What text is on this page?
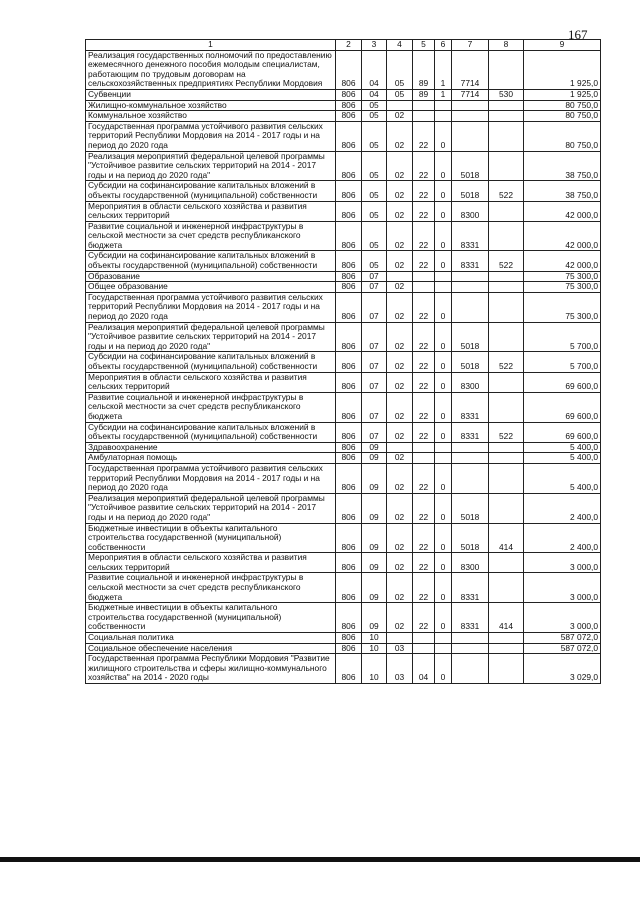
167
1	2	3	4	5	6	7	8	9
Реализация государственных полномочий по предоставлению ежемесячного денежного пособия молодым специалистам, работающим по трудовым договорам на сельскохозяйственных предприятиях Республики Мордовия	806	04	05	89	1	7714		1 925,0
Субвенции	806	04	05	89	1	7714	530	1 925,0
Жилищно-коммунальное хозяйство	806	05						80 750,0
Коммунальное хозяйство	806	05	02					80 750,0
Государственная программа устойчивого развития сельских территорий Республики Мордовия на 2014 - 2017 годы и на период до 2020 года	806	05	02	22	0			80 750,0
Реализация мероприятий федеральной целевой программы "Устойчивое развитие сельских территорий на 2014 - 2017 годы и на период до 2020 года"	806	05	02	22	0	5018		38 750,0
Субсидии на софинансирование капитальных вложений в объекты государственной (муниципальной) собственности	806	05	02	22	0	5018	522	38 750,0
Мероприятия в области сельского хозяйства и развития сельских территорий	806	05	02	22	0	8300		42 000,0
Развитие социальной и инженерной инфраструктуры в сельской местности за счет средств республиканского бюджета	806	05	02	22	0	8331		42 000,0
Субсидии на софинансирование капитальных вложений в объекты государственной (муниципальной) собственности	806	05	02	22	0	8331	522	42 000,0
Образование	806	07						75 300,0
Общее образование	806	07	02					75 300,0
Государственная программа устойчивого развития сельских территорий Республики Мордовия на 2014 - 2017 годы и на период до 2020 года	806	07	02	22	0			75 300,0
Реализация мероприятий федеральной целевой программы "Устойчивое развитие сельских территорий на 2014 - 2017 годы и на период до 2020 года"	806	07	02	22	0	5018		5 700,0
Субсидии на софинансирование капитальных вложений в объекты государственной (муниципальной) собственности	806	07	02	22	0	5018	522	5 700,0
Мероприятия в области сельского хозяйства и развития сельских территорий	806	07	02	22	0	8300		69 600,0
Развитие социальной и инженерной инфраструктуры в сельской местности за счет средств республиканского бюджета	806	07	02	22	0	8331		69 600,0
Субсидии на софинансирование капитальных вложений в объекты государственной (муниципальной) собственности	806	07	02	22	0	8331	522	69 600,0
Здравоохранение	806	09						5 400,0
Амбулаторная помощь	806	09	02					5 400,0
Государственная программа устойчивого развития сельских территорий Республики Мордовия на 2014 - 2017 годы и на период до 2020 года	806	09	02	22	0			5 400,0
Реализация мероприятий федеральной целевой программы "Устойчивое развитие сельских территорий на 2014 - 2017 годы и на период до 2020 года"	806	09	02	22	0	5018		2 400,0
Бюджетные инвестиции в объекты капитального строительства государственной (муниципальной) собственности	806	09	02	22	0	5018	414	2 400,0
Мероприятия в области сельского хозяйства и развития сельских территорий	806	09	02	22	0	8300		3 000,0
Развитие социальной и инженерной инфраструктуры в сельской местности за счет средств республиканского бюджета	806	09	02	22	0	8331		3 000,0
Бюджетные инвестиции в объекты капитального строительства государственной (муниципальной) собственности	806	09	02	22	0	8331	414	3 000,0
Социальная политика	806	10						587 072,0
Социальное обеспечение населения	806	10	03					587 072,0
Государственная программа Республики Мордовия "Развитие жилищного строительства и сферы жилищно-коммунального хозяйства" на 2014 - 2020 годы	806	10	03	04	0			3 029,0
